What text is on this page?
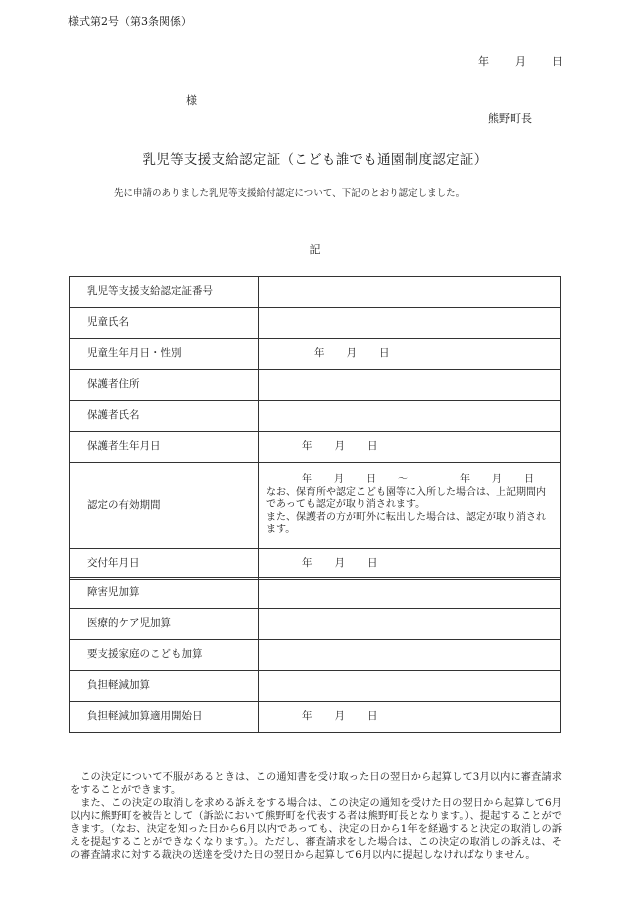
様式第2号（第3条関係）
年 月 日
様
熊野町長
乳児等支援支給認定証（こども誰でも通園制度認定証）
先に申請のありました乳児等支援給付認定について、下記のとおり認定しました。
記
乳児等支援支給認定証番号	
児童氏名	
児童生年月日・性別	年 月 日
保護者住所	
保護者氏名	
保護者生年月日	年 月 日
認定の有効期間	年 月 日 ～ 年 月 日

なお、保育所や認定こども園等に入所した場合は、上記期間内であっても認定が取り消されます。

また、保護者の方が町外に転出した場合は、認定が取り消されます。

交付年月日	年 月 日
障害児加算	
医療的ケア児加算	
要支援家庭のこども加算	
負担軽減加算	
負担軽減加算適用開始日	年 月 日

この決定について不服があるときは、この通知書を受け取った日の翌日から起算して3月以内に審査請求をすることができます。

また、この決定の取消しを求める訴えをする場合は、この決定の通知を受けた日の翌日から起算して6月以内に熊野町を被告として（訴訟において熊野町を代表する者は熊野町長となります。）、提起することができます。（なお、決定を知った日から6月以内であっても、決定の日から1年を経過すると決定の取消しの訴えを提起することができなくなります。）。ただし、審査請求をした場合は、この決定の取消しの訴えは、その審査請求に対する裁決の送達を受けた日の翌日から起算して6月以内に提起しなければなりません。
